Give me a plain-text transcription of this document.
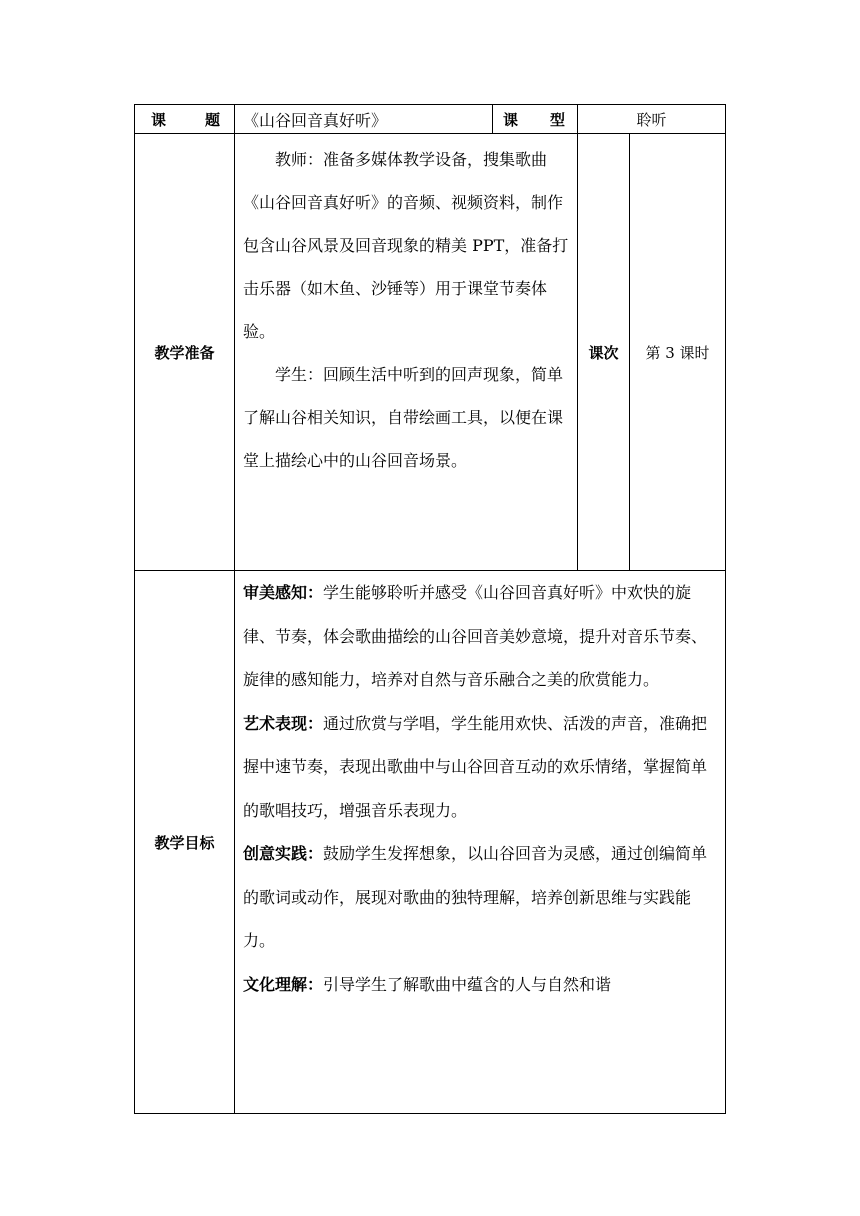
课 题	《山谷回音真好听》	课 型	聆听	
教学准备	教师：准备多媒体教学设备，搜集歌曲《山谷回音真好听》的音频、视频资料，制作包含山谷风景及回音现象的精美 PPT，准备打击乐器（如木鱼、沙锤等）用于课堂节奏体验。

学生：回顾生活中听到的回声现象，简单了解山谷相关知识，自带绘画工具，以便在课堂上描绘心中的山谷回音场景。		课次	第 3 课时
教学目标	审美感知：学生能够聆听并感受《山谷回音真好听》中欢快的旋律、节奏，体会歌曲描绘的山谷回音美妙意境，提升对音乐节奏、旋律的感知能力，培养对自然与音乐融合之美的欣赏能力。

艺术表现：通过欣赏与学唱，学生能用欢快、活泼的声音，准确把握中速节奏，表现出歌曲中与山谷回音互动的欢乐情绪，掌握简单的歌唱技巧，增强音乐表现力。

创意实践：鼓励学生发挥想象，以山谷回音为灵感，通过创编简单的歌词或动作，展现对歌曲的独特理解，培养创新思维与实践能力。

文化理解：引导学生了解歌曲中蕴含的人与自然和谐			
